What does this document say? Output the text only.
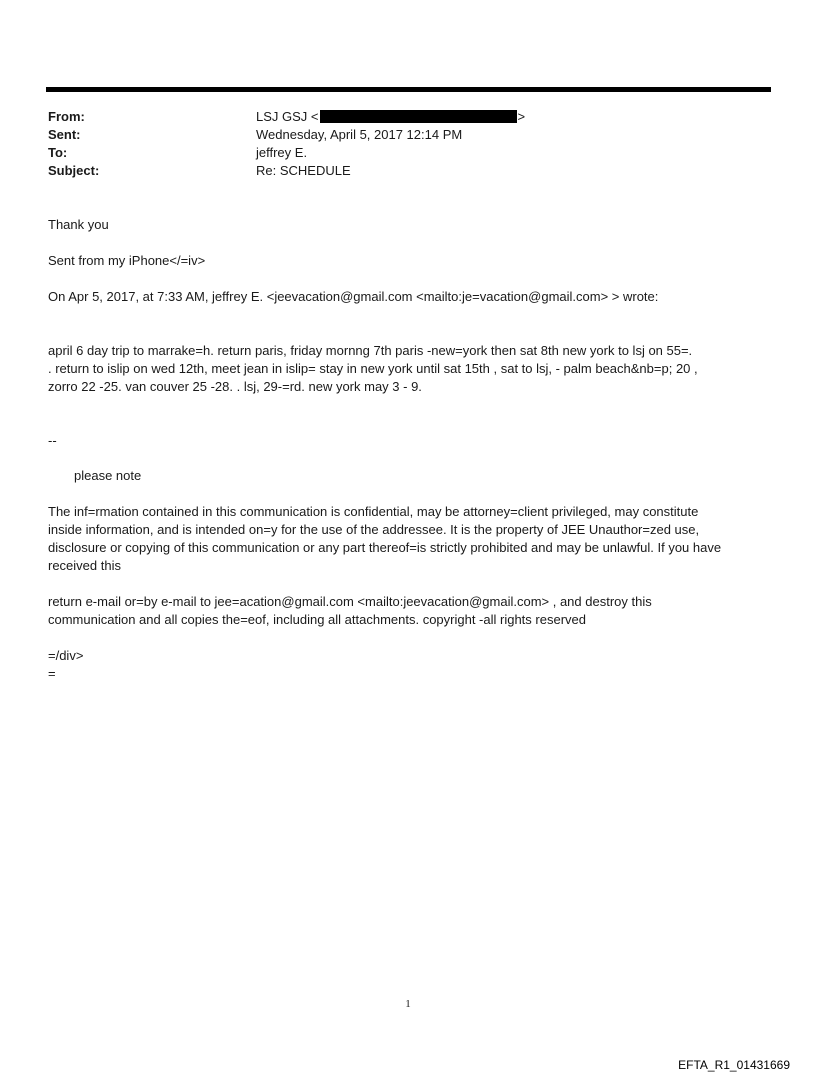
From:	LSJ GSJ <	>
Sent:	Wednesday, April 5, 2017 12:14 PM
To:	jeffrey E.
Subject:	Re: SCHEDULE
Thank you
Sent from my iPhone</=iv>
On Apr 5, 2017, at 7:33 AM, jeffrey E. <jeevacation@gmail.com <mailto:je=vacation@gmail.com> > wrote:
april 6 day trip to marrake=h. return paris, friday mornng 7th paris -new=york then sat 8th new york to lsj on 55=.
. return to islip on wed 12th, meet jean in islip= stay in new york until sat 15th , sat to lsj, - palm beach&nb=p; 20 ,
zorro 22 -25. van couver 25 -28. . lsj, 29-=rd. new york may 3 - 9.
--
please note
The inf=rmation contained in this communication is confidential, may be attorney=client privileged, may constitute
inside information, and is intended on=y for the use of the addressee. It is the property of JEE Unauthor=zed use,
disclosure or copying of this communication or any part thereof=is strictly prohibited and may be unlawful. If you have
received this
return e-mail or=by e-mail to jee=acation@gmail.com <mailto:jeevacation@gmail.com> , and destroy this
communication and all copies the=eof, including all attachments. copyright -all rights reserved
=/div>
=
1
EFTA_R1_01431669
